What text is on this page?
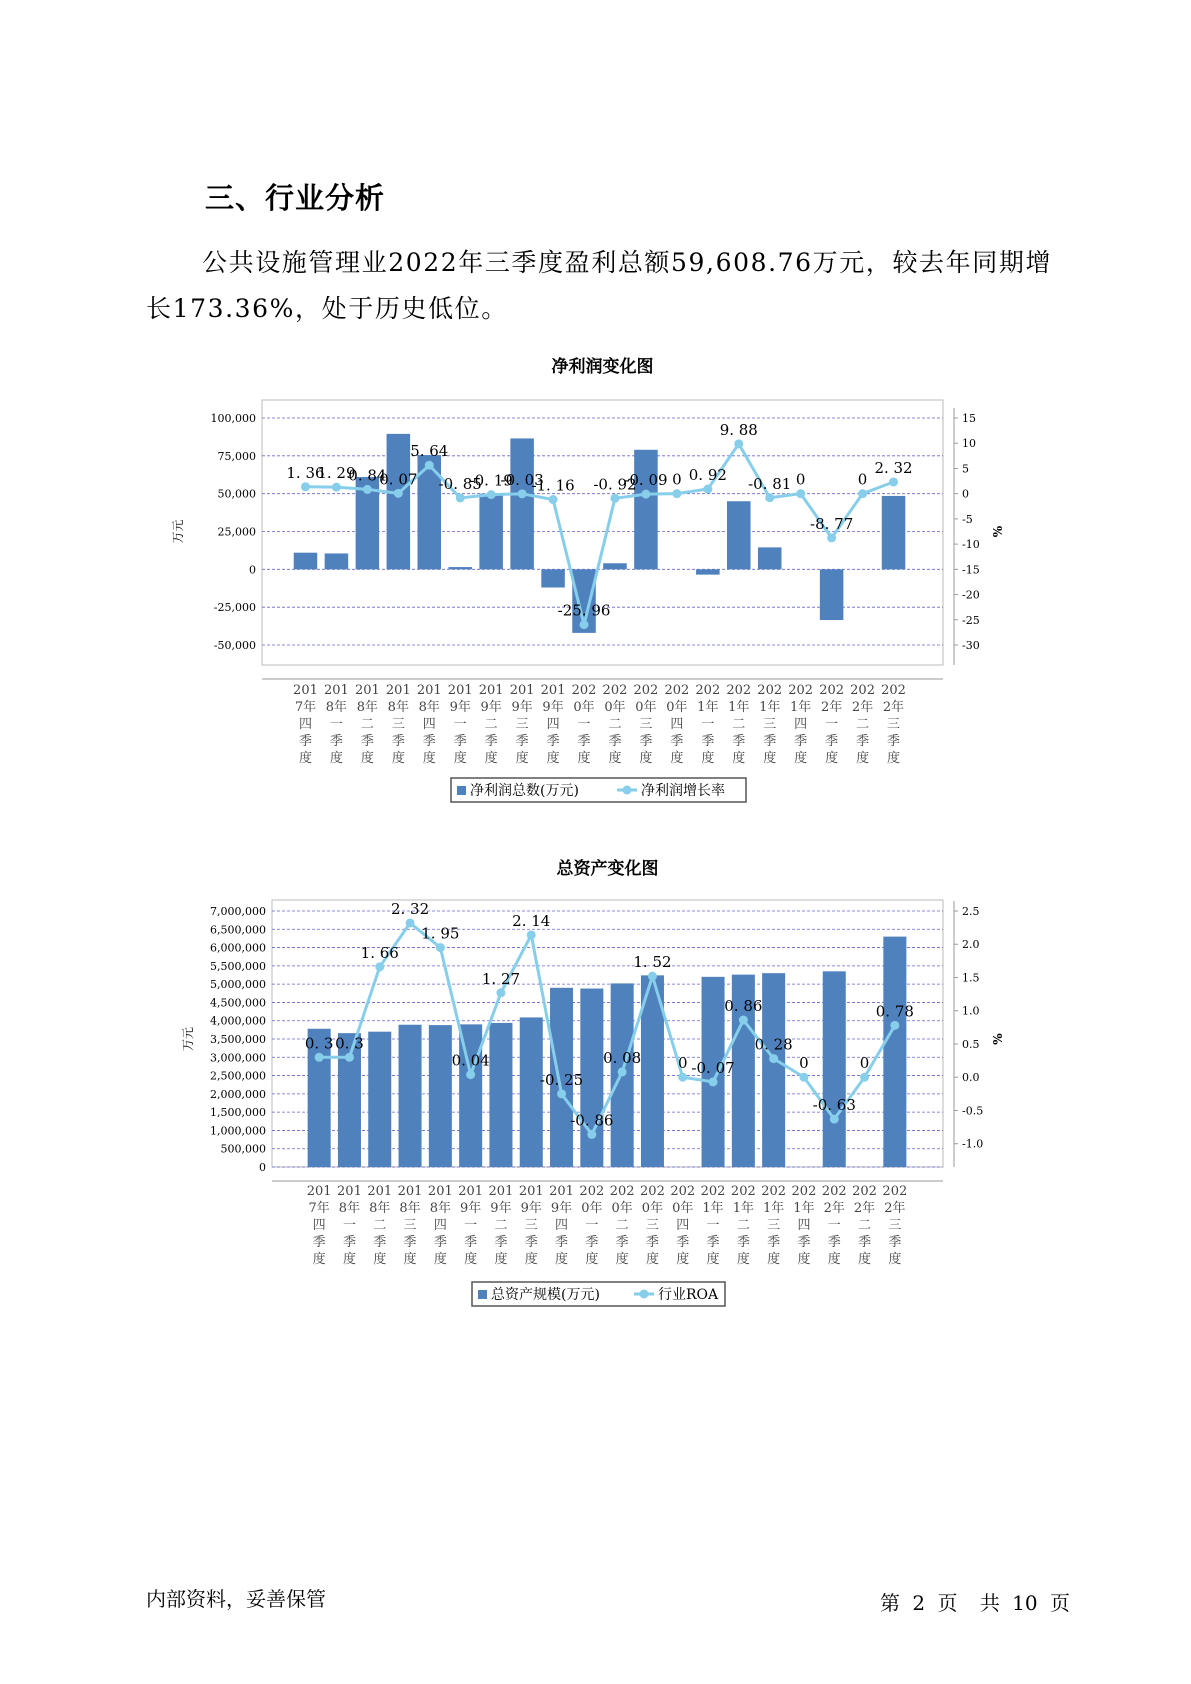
三、行业分析
公共设施管理业2022年三季度盈利总额59,608.76万元，较去年同期增长173.36%，处于历史低位。
净利润变化图
-50,000
-25,000
0
25,000
50,000
75,000
100,000
-30
-25
-20
-15
-10
-5
0
5
10
15
万元	%
1. 36
1. 29
0. 84
0. 07
5. 64
-0. 85
-0. 19
-0. 03
-1. 16
-25. 96
-0. 92
-0. 09 0 0. 92
9. 88
-0. 81 0
-8. 77
0
2. 32
201
7年
四
季
度
201
8年
一
季
度
201
8年
二
季
度
201
8年
三
季
度
201
8年
四
季
度
201
9年
一
季
度
201
9年
二
季
度
201
9年
三
季
度
201
9年
四
季
度
202
0年
一
季
度
202
0年
二
季
度
202
0年
三
季
度
202
0年
四
季
度
202
1年
一
季
度
202
1年
二
季
度
202
1年
三
季
度
202
1年
四
季
度
202
2年
一
季
度
202
2年
二
季
度
202
2年
三
季
度
净利润总数(万元)	净利润增长率
总资产变化图
0
500,000
1,000,000
1,500,000
2,000,000
2,500,000
3,000,000
3,500,000
4,000,000
4,500,000
5,000,000
5,500,000
6,000,000
6,500,000
7,000,000
-1.0
-0.5
0.0
0.5
1.0
1.5
2.0
2.5
万元	%
0. 3 0. 3
1. 66
2. 32
1. 95
0. 04
1. 27
2. 14
-0. 25
-0. 86
0. 08
1. 52
0 -0. 07
0. 86
0. 28
0
-0. 63
0
0. 78
201
7年
四
季
度
201
8年
一
季
度
201
8年
二
季
度
201
8年
三
季
度
201
8年
四
季
度
201
9年
一
季
度
201
9年
二
季
度
201
9年
三
季
度
201
9年
四
季
度
202
0年
一
季
度
202
0年
二
季
度
202
0年
三
季
度
202
0年
四
季
度
202
1年
一
季
度
202
1年
二
季
度
202
1年
三
季
度
202
1年
四
季
度
202
2年
一
季
度
202
2年
二
季
度
202
2年
三
季
度
总资产规模(万元)	行业ROA
内部资料，妥善保管	第 2 页 共 10 页
